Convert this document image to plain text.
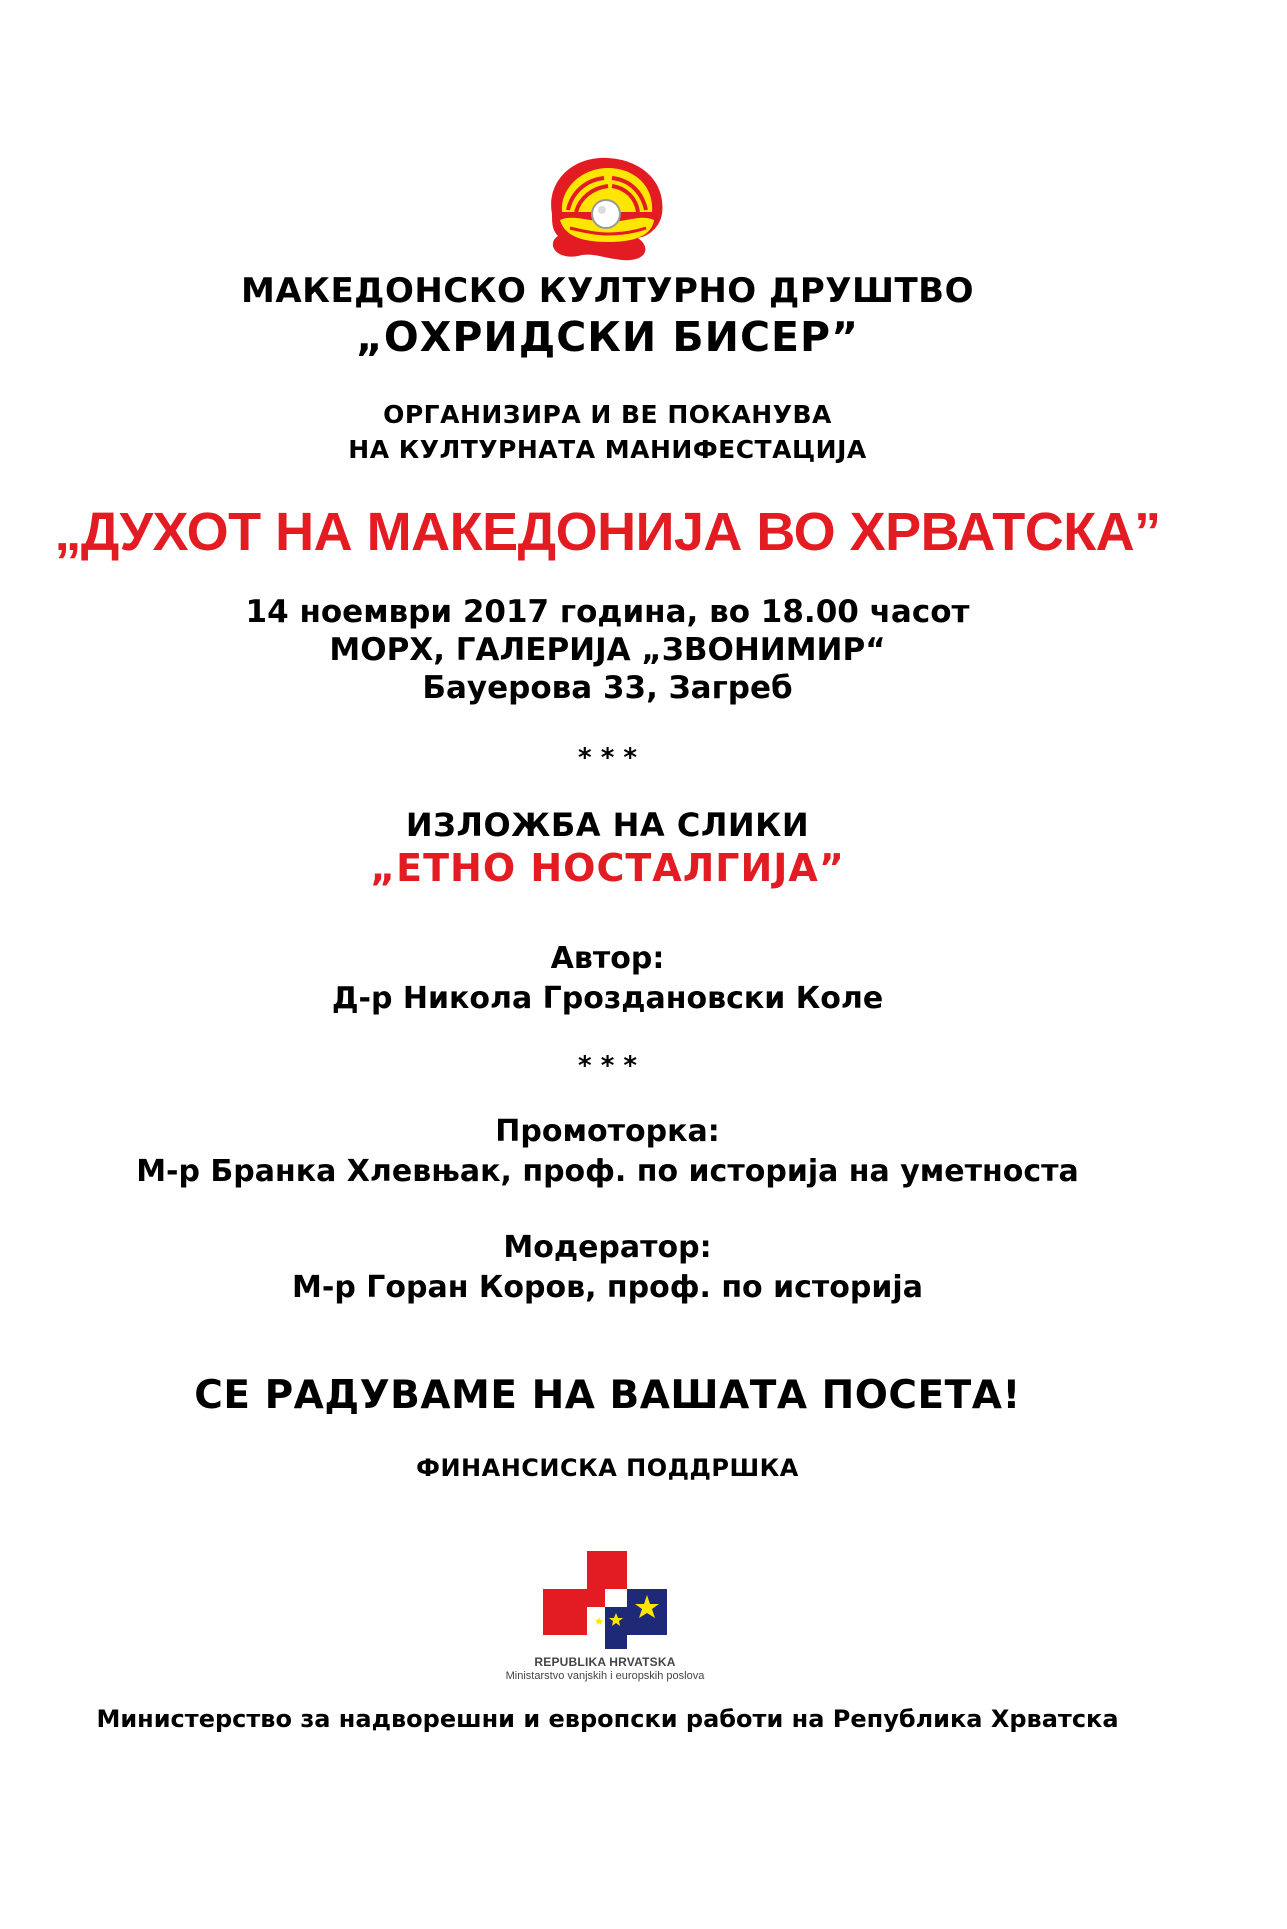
МАКЕДОНСКО КУЛТУРНО ДРУШТВО
„ОХРИДСКИ БИСЕР”
ОРГАНИЗИРА И ВЕ ПОКАНУВА
НА КУЛТУРНАТА МАНИФЕСТАЦИЈА
„ДУХОТ НА МАКЕДОНИЈА ВО ХРВАТСКА”
14 ноември 2017 година, во 18.00 часот
МОРХ, ГАЛЕРИЈА „ЗВОНИМИР“
Бауерова 33, Загреб
* * *
ИЗЛОЖБА НА СЛИКИ
„ЕТНО НОСТАЛГИЈА”
Автор:
Д-р Никола Гроздановски Коле
* * *
Промоторка:
М-р Бранка Хлевњак, проф. по историја на уметноста
Модератор:
М-р Горан Коров, проф. по историја
СЕ РАДУВАМЕ НА ВАШАТА ПОСЕТА!
ФИНАНСИСКА ПОДДРШКА
REPUBLIKA HRVATSKA
Ministarstvo vanjskih i europskih poslova
Министерство за надворешни и европски работи на Република Хрватска
